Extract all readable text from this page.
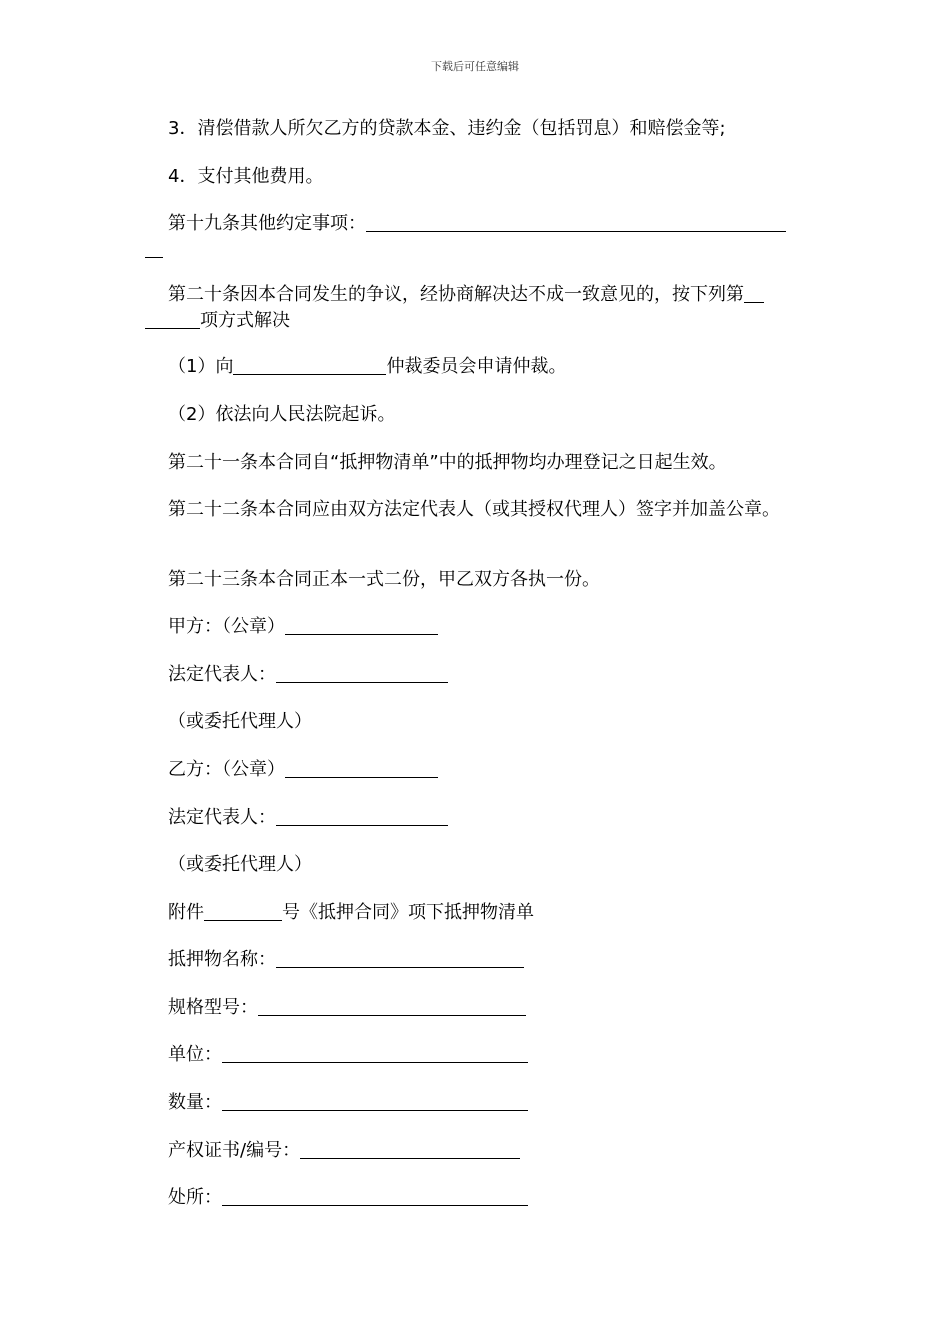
下载后可任意编辑
3．清偿借款人所欠乙方的贷款本金、违约金（包括罚息）和赔偿金等;
4．支付其他费用。
第十九条其他约定事项：
第二十条因本合同发生的争议，经协商解决达不成一致意见的，按下列第
项方式解决
（1）向	仲裁委员会申请仲裁。
（2）依法向人民法院起诉。
第二十一条本合同自“抵押物清单”中的抵押物均办理登记之日起生效。
第二十二条本合同应由双方法定代表人（或其授权代理人）签字并加盖公章。
第二十三条本合同正本一式二份，甲乙双方各执一份。
甲方：（公章）
法定代表人：
（或委托代理人）
乙方：（公章）
法定代表人：
（或委托代理人）
附件	号《抵押合同》项下抵押物清单
抵押物名称：
规格型号：
单位：
数量：
产权证书/编号：
处所：
